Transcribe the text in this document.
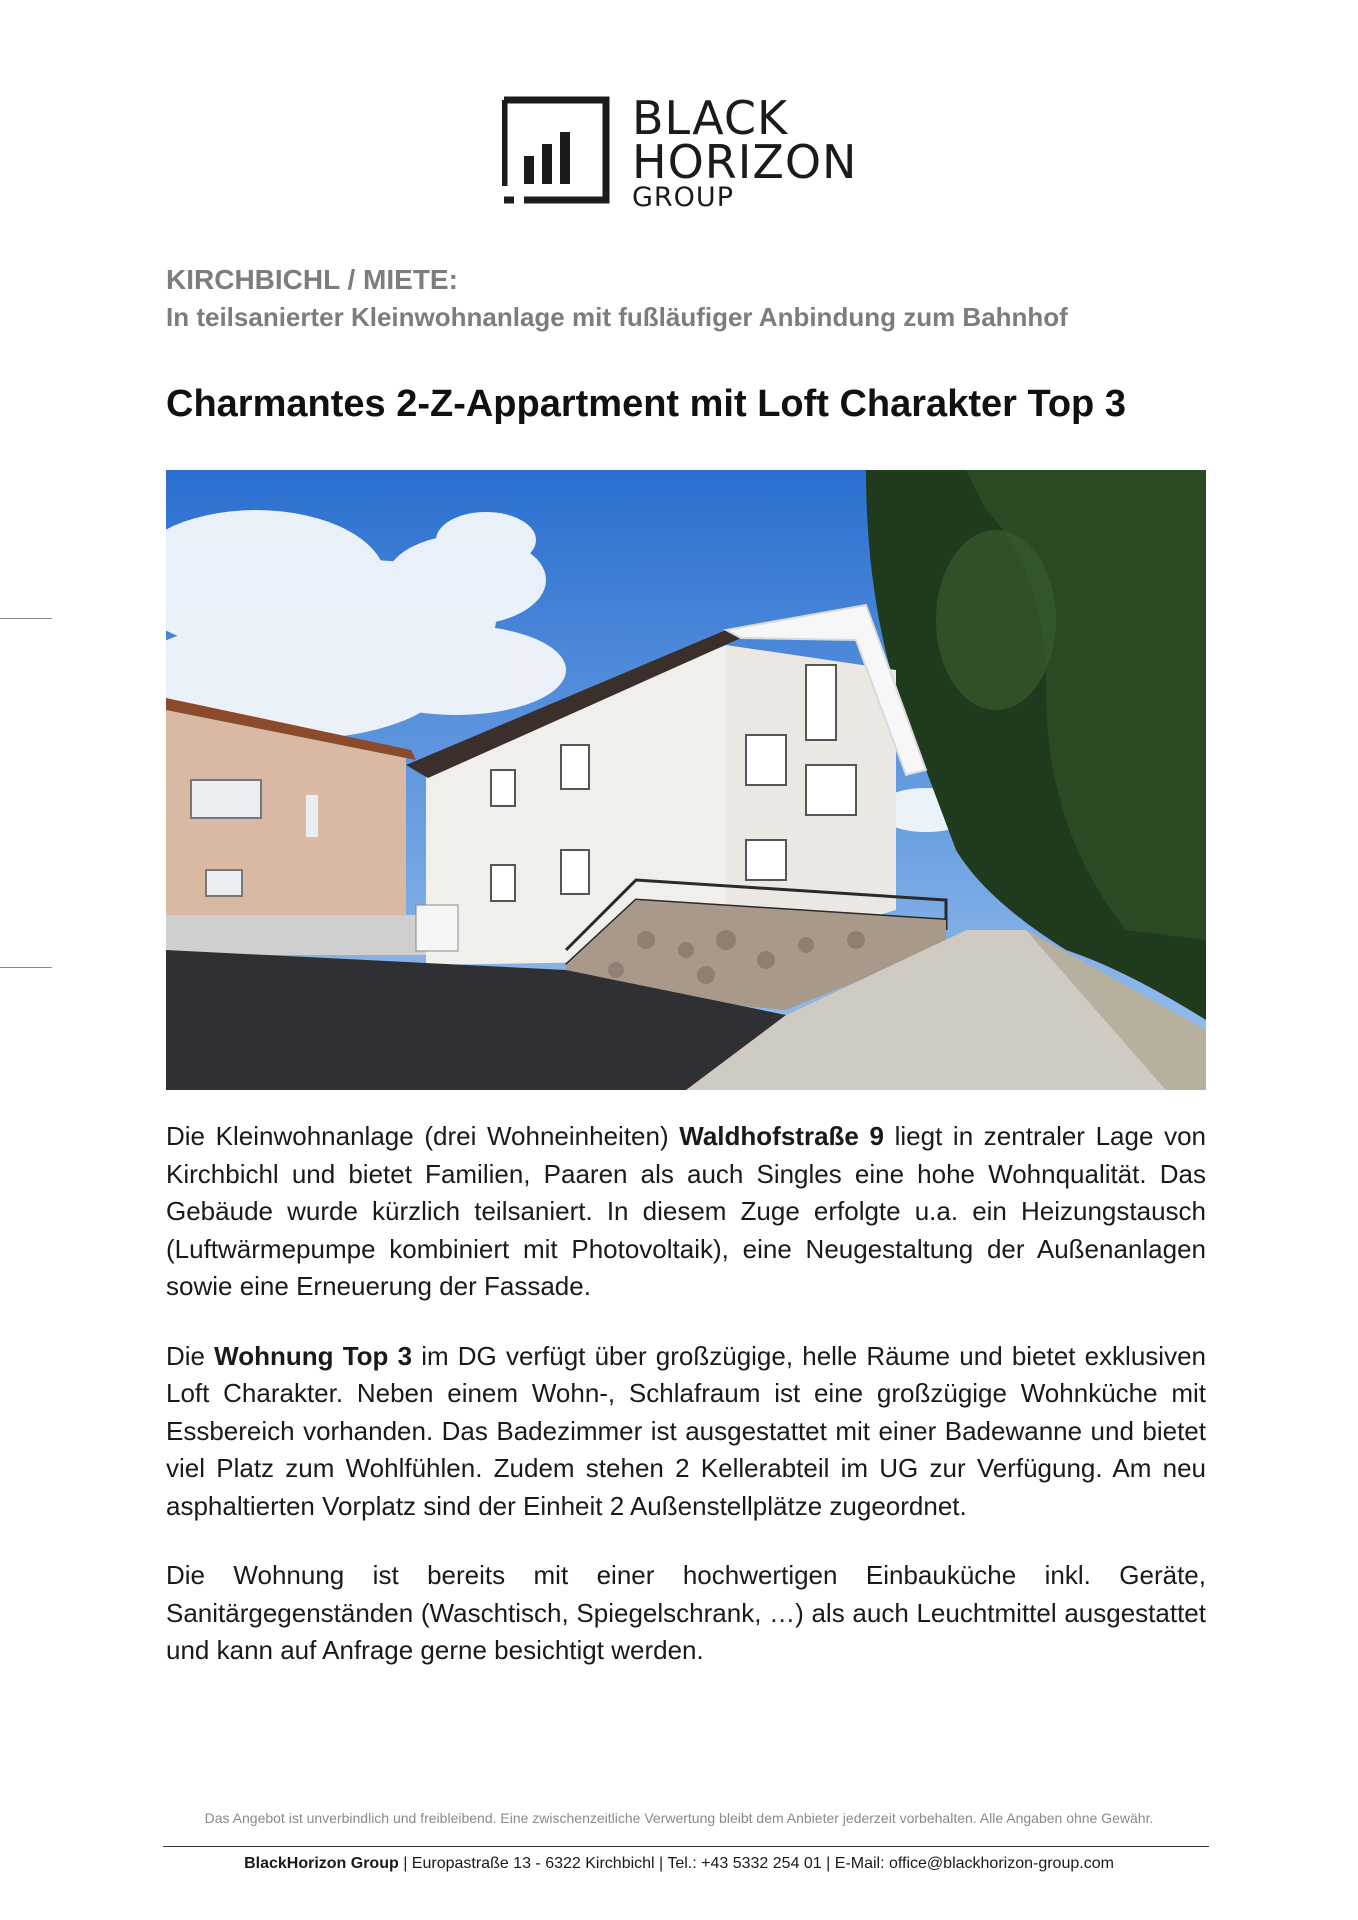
BLACK
HORIZON
GROUP
KIRCHBICHL / MIETE:
In teilsanierter Kleinwohnanlage mit fußläufiger Anbindung zum Bahnhof
Charmantes 2-Z-Appartment mit Loft Charakter Top 3

Die Kleinwohnanlage (drei Wohneinheiten) Waldhofstraße 9 liegt in zentraler Lage von Kirchbichl und bietet Familien, Paaren als auch Singles eine hohe Wohnqualität. Das Gebäude wurde kürzlich teilsaniert. In diesem Zuge erfolgte u.a. ein Heizungstausch (Luftwärmepumpe kombiniert mit Photovoltaik), eine Neugestaltung der Außenanlagen sowie eine Erneuerung der Fassade.

Die Wohnung Top 3 im DG verfügt über großzügige, helle Räume und bietet exklusiven Loft Charakter. Neben einem Wohn-, Schlafraum ist eine großzügige Wohnküche mit Essbereich vorhanden. Das Badezimmer ist ausgestattet mit einer Badewanne und bietet viel Platz zum Wohlfühlen. Zudem stehen 2 Kellerabteil im UG zur Verfügung. Am neu asphaltierten Vorplatz sind der Einheit 2 Außenstellplätze zugeordnet.

Die Wohnung ist bereits mit einer hochwertigen Einbauküche inkl. Geräte, Sanitärgegenständen (Waschtisch, Spiegelschrank, …) als auch Leuchtmittel ausgestattet und kann auf Anfrage gerne besichtigt werden.

Das Angebot ist unverbindlich und freibleibend. Eine zwischenzeitliche Verwertung bleibt dem Anbieter jederzeit vorbehalten. Alle Angaben ohne Gewähr.
BlackHorizon Group | Europastraße 13 - 6322 Kirchbichl | Tel.: +43 5332 254 01 | E-Mail: office@blackhorizon-group.com
